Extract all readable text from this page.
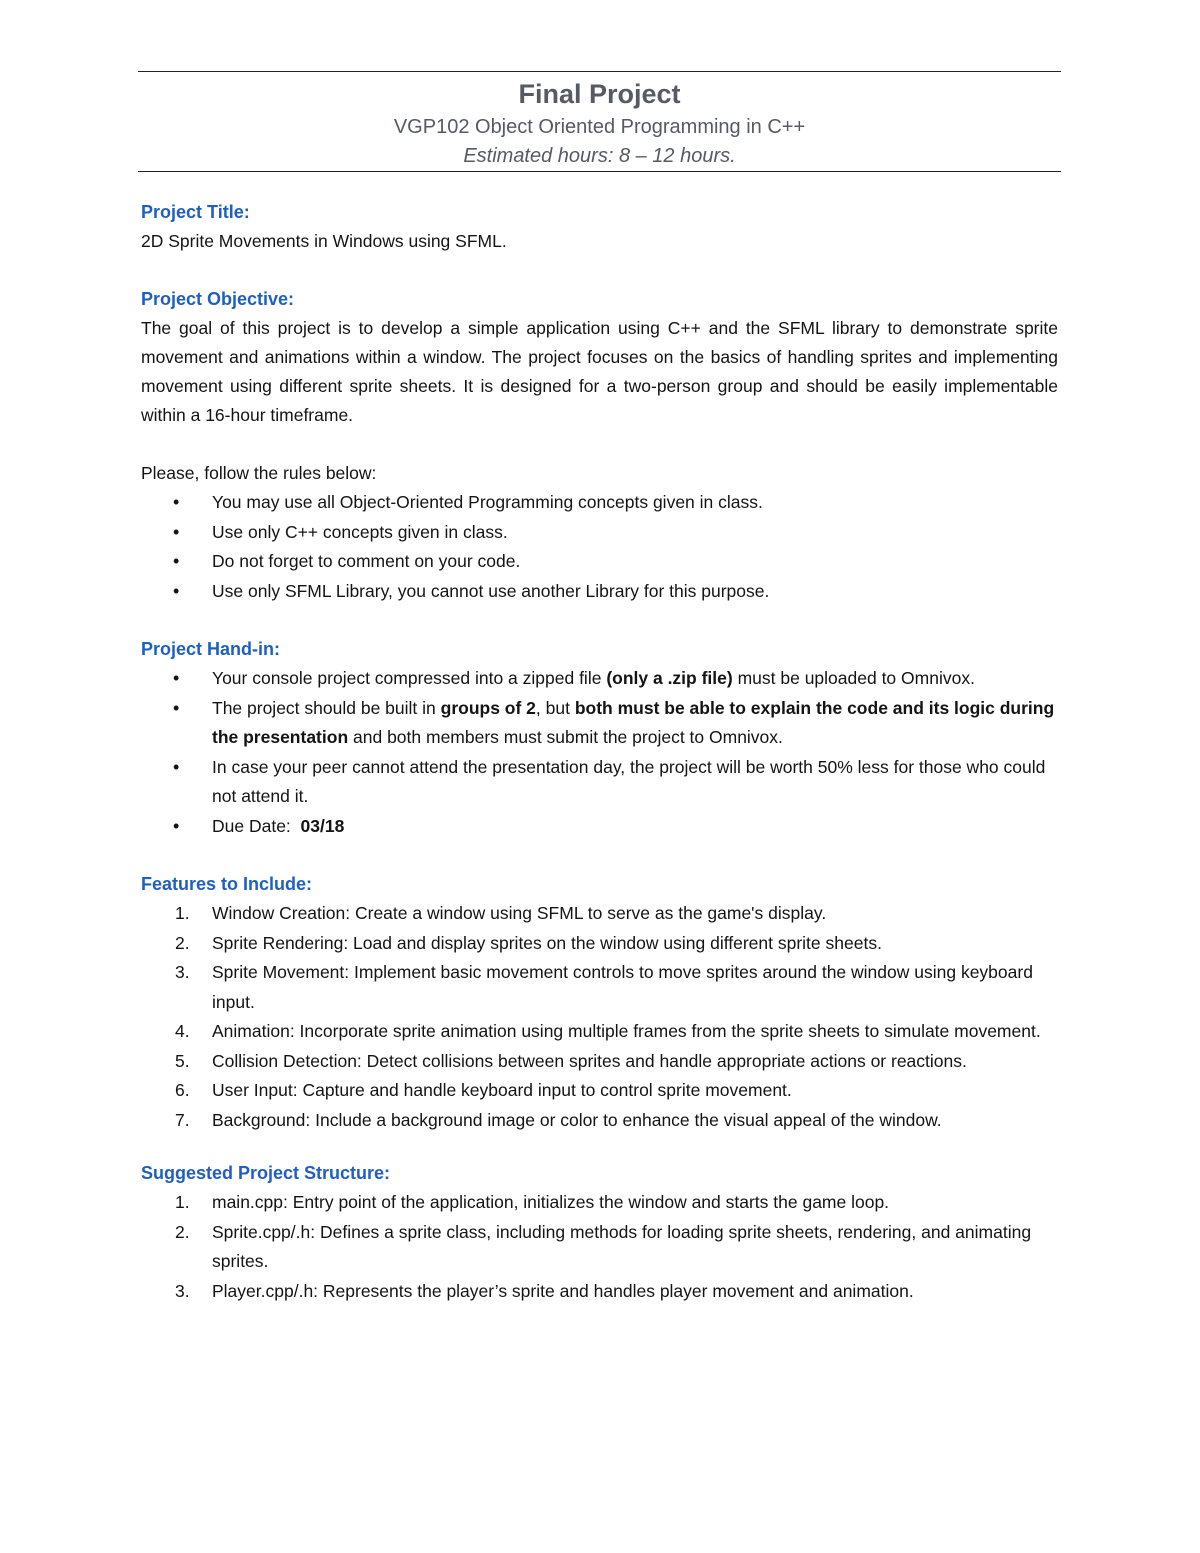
Final Project
VGP102 Object Oriented Programming in C++
Estimated hours: 8 – 12 hours.
Project Title:
2D Sprite Movements in Windows using SFML.
Project Objective:
The goal of this project is to develop a simple application using C++ and the SFML library to demonstrate sprite movement and animations within a window. The project focuses on the basics of handling sprites and implementing movement using different sprite sheets. It is designed for a two-person group and should be easily implementable within a 16-hour timeframe.
Please, follow the rules below:
• You may use all Object-Oriented Programming concepts given in class.
• Use only C++ concepts given in class.
• Do not forget to comment on your code.
• Use only SFML Library, you cannot use another Library for this purpose.
Project Hand-in:
• Your console project compressed into a zipped file (only a .zip file) must be uploaded to Omnivox.
• The project should be built in groups of 2, but both must be able to explain the code and its logic during the presentation and both members must submit the project to Omnivox.
• In case your peer cannot attend the presentation day, the project will be worth 50% less for those who could not attend it.
• Due Date:  03/18
Features to Include:
1. Window Creation: Create a window using SFML to serve as the game's display.
2. Sprite Rendering: Load and display sprites on the window using different sprite sheets.
3. Sprite Movement: Implement basic movement controls to move sprites around the window using keyboard input.
4. Animation: Incorporate sprite animation using multiple frames from the sprite sheets to simulate movement.
5. Collision Detection: Detect collisions between sprites and handle appropriate actions or reactions.
6. User Input: Capture and handle keyboard input to control sprite movement.
7. Background: Include a background image or color to enhance the visual appeal of the window.
Suggested Project Structure:
1. main.cpp: Entry point of the application, initializes the window and starts the game loop.
2. Sprite.cpp/.h: Defines a sprite class, including methods for loading sprite sheets, rendering, and animating sprites.
3. Player.cpp/.h: Represents the player’s sprite and handles player movement and animation.
